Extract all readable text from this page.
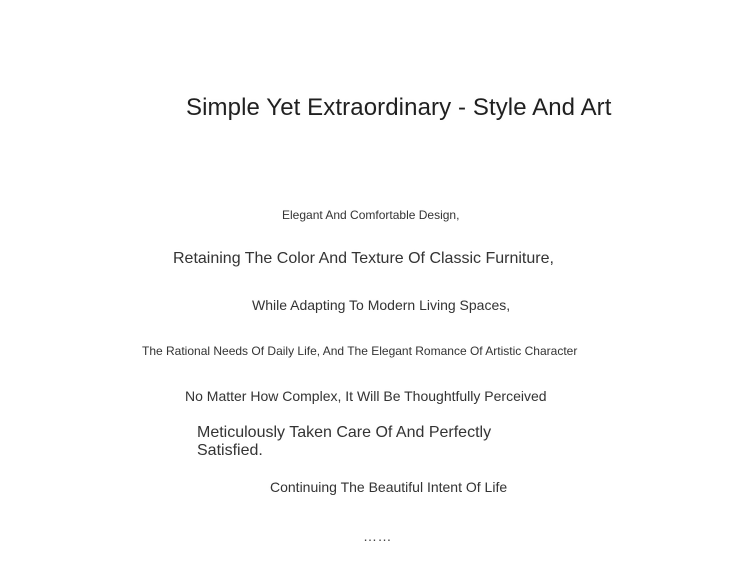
Simple Yet Extraordinary - Style And Art
Elegant And Comfortable Design,
Retaining The Color And Texture Of Classic Furniture,
While Adapting To Modern Living Spaces,
The Rational Needs Of Daily Life, And The Elegant Romance Of Artistic Character
No Matter How Complex, It Will Be Thoughtfully Perceived
Meticulously Taken Care Of And Perfectly Satisfied.
Continuing The Beautiful Intent Of Life
……
